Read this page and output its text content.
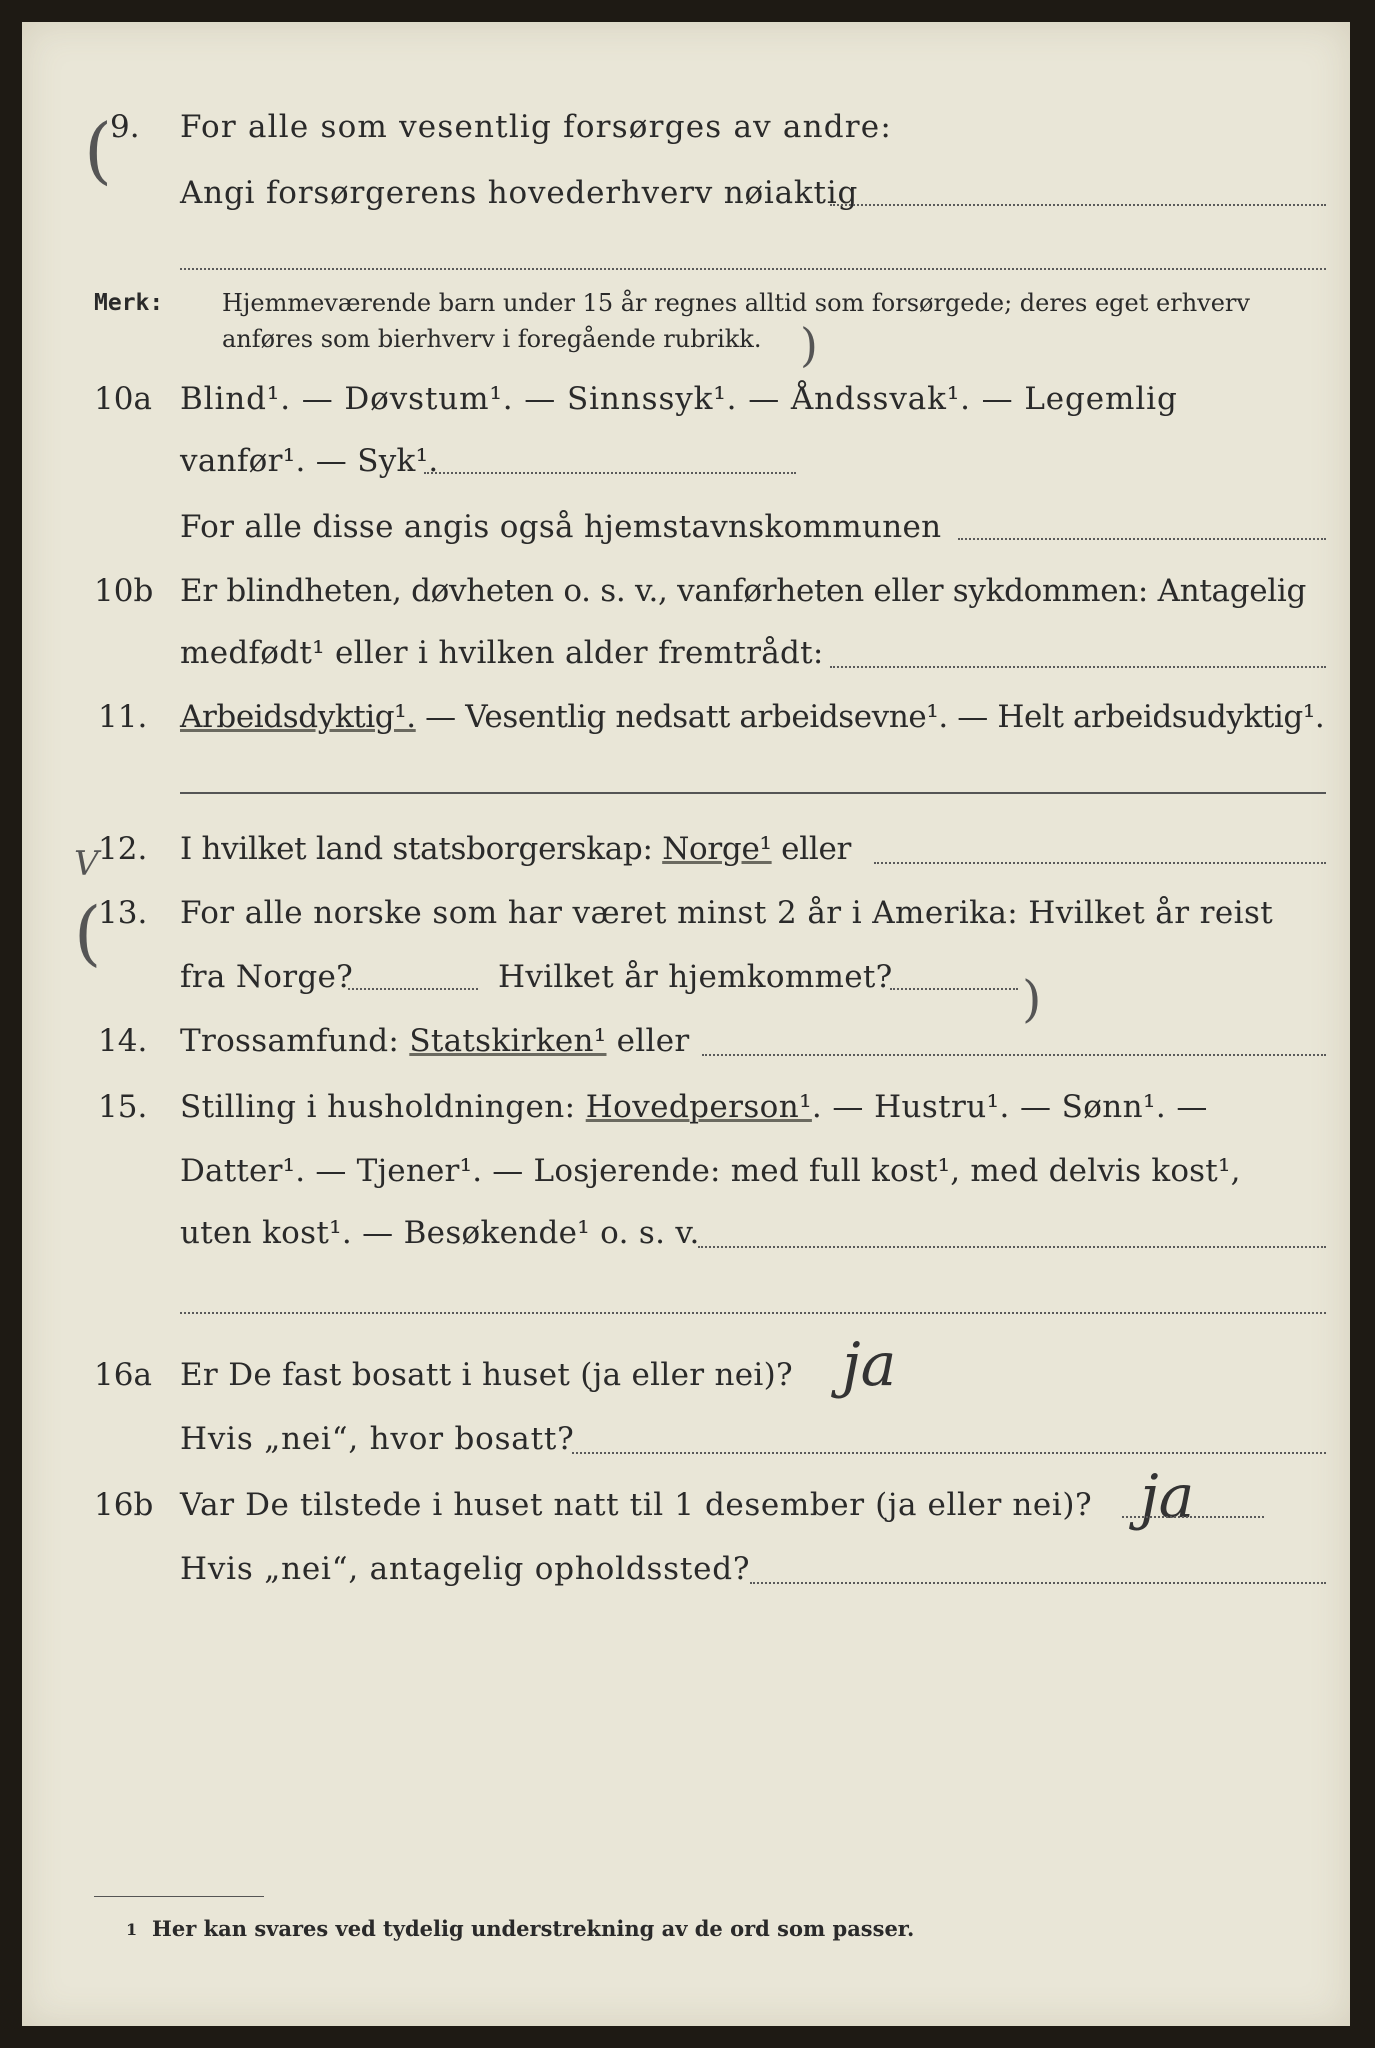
(
)
V
(
)
9. For alle som vesentlig forsørges av andre:
Angi forsørgerens hovederhverv nøiaktig
Merk: Hjemmeværende barn under 15 år regnes alltid som forsørgede; deres eget erhverv
anføres som bierhverv i foregående rubrikk.
10a Blind¹. — Døvstum¹. — Sinnssyk¹. — Åndssvak¹. — Legemlig
vanfør¹. — Syk¹.
For alle disse angis også hjemstavnskommunen
10b Er blindheten, døvheten o. s. v., vanførheten eller sykdommen: Antagelig
medfødt¹ eller i hvilken alder fremtrådt:
11. Arbeidsdyktig¹. — Vesentlig nedsatt arbeidsevne¹. — Helt arbeidsudyktig¹.
12. I hvilket land statsborgerskap: Norge¹ eller
13. For alle norske som har været minst 2 år i Amerika: Hvilket år reist
fra Norge?	Hvilket år hjemkommet?
14. Trossamfund: Statskirken¹ eller
15. Stilling i husholdningen: Hovedperson¹. — Hustru¹. — Sønn¹. —
Datter¹. — Tjener¹. — Losjerende: med full kost¹, med delvis kost¹,
uten kost¹. — Besøkende¹ o. s. v.
16a Er De fast bosatt i huset (ja eller nei)? ja
Hvis „nei“, hvor bosatt?
16b Var De tilstede i huset natt til 1 desember (ja eller nei)? ja
Hvis „nei“, antagelig opholdssted?
1 Her kan svares ved tydelig understrekning av de ord som passer.
